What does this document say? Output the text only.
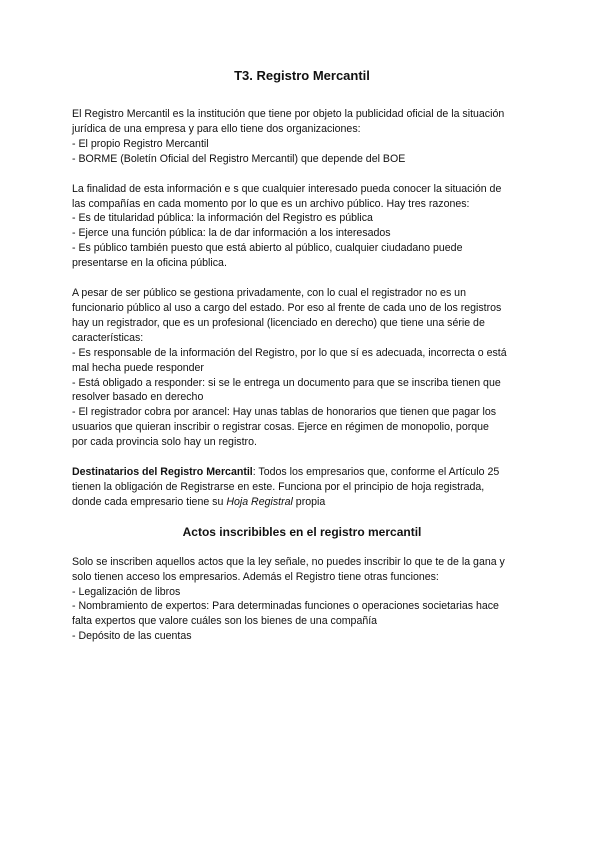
T3. Registro Mercantil

El Registro Mercantil es la institución que tiene por objeto la publicidad oficial de la situación
jurídica de una empresa y para ello tiene dos organizaciones:
- El propio Registro Mercantil
- BORME (Boletín Oficial del Registro Mercantil) que depende del BOE

La finalidad de esta información e s que cualquier interesado pueda conocer la situación de
las compañías en cada momento por lo que es un archivo público. Hay tres razones:
- Es de titularidad pública: la información del Registro es pública
- Ejerce una función pública: la de dar información a los interesados
- Es público también puesto que está abierto al público, cualquier ciudadano puede
presentarse en la oficina pública.

A pesar de ser público se gestiona privadamente, con lo cual el registrador no es un
funcionario público al uso a cargo del estado. Por eso al frente de cada uno de los registros
hay un registrador, que es un profesional (licenciado en derecho) que tiene una série de
características:
- Es responsable de la información del Registro, por lo que sí es adecuada, incorrecta o está
mal hecha puede responder
- Está obligado a responder: si se le entrega un documento para que se inscriba tienen que
resolver basado en derecho
- El registrador cobra por arancel: Hay unas tablas de honorarios que tienen que pagar los
usuarios que quieran inscribir o registrar cosas. Ejerce en régimen de monopolio, porque
por cada provincia solo hay un registro.

Destinatarios del Registro Mercantil: Todos los empresarios que, conforme el Artículo 25
tienen la obligación de Registrarse en este. Funciona por el principio de hoja registrada,
donde cada empresario tiene su Hoja Registral propia

Actos inscribibles en el registro mercantil

Solo se inscriben aquellos actos que la ley señale, no puedes inscribir lo que te de la gana y
solo tienen acceso los empresarios. Además el Registro tiene otras funciones:
- Legalización de libros
- Nombramiento de expertos: Para determinadas funciones o operaciones societarias hace
falta expertos que valore cuáles son los bienes de una compañía
- Depósito de las cuentas
